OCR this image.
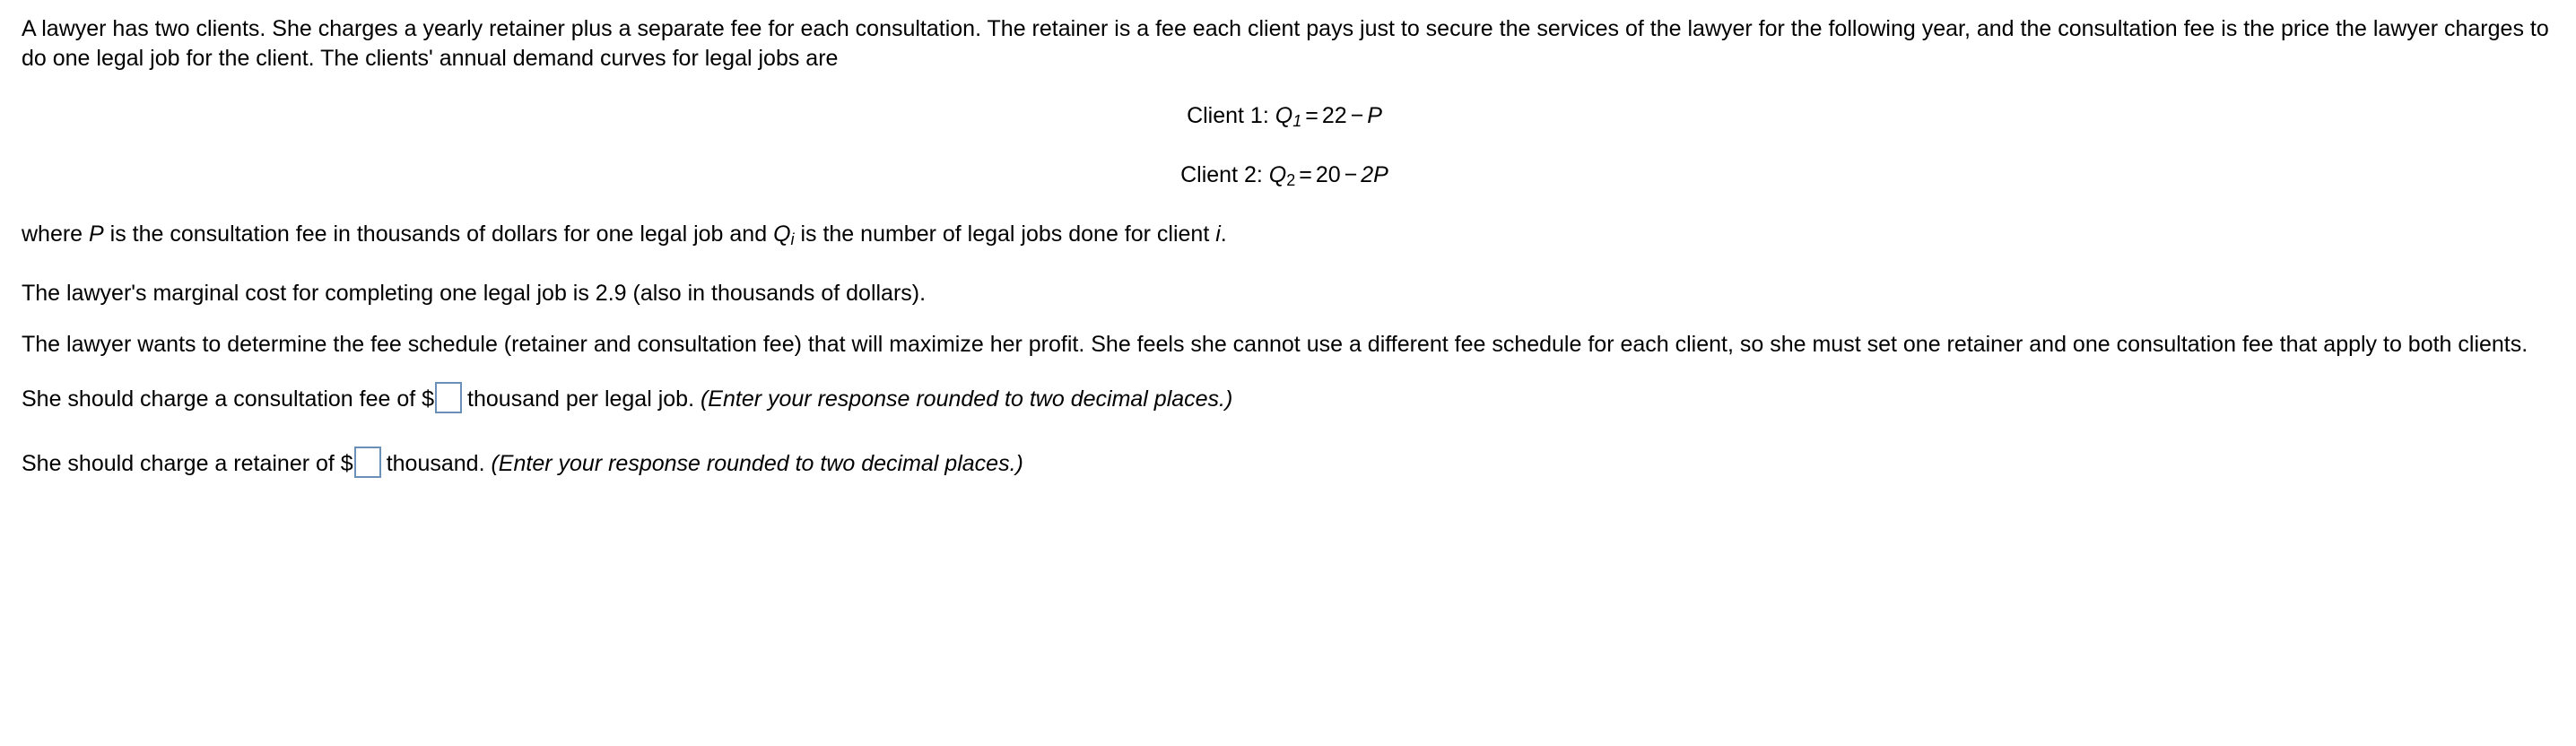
A lawyer has two clients. She charges a yearly retainer plus a separate fee for each consultation. The retainer is a fee each client pays just to secure the services of the lawyer for the following year, and the consultation fee is the price the lawyer charges to do one legal job for the client. The clients' annual demand curves for legal jobs are

Client 1: $Q_1 = 22 - P$

Client 2: $Q_2 = 20 - 2P$

where P is the consultation fee in thousands of dollars for one legal job and $Q_i$ is the number of legal jobs done for client i.

The lawyer's marginal cost for completing one legal job is 2.9 (also in thousands of dollars).

The lawyer wants to determine the fee schedule (retainer and consultation fee) that will maximize her profit. She feels she cannot use a different fee schedule for each client, so she must set one retainer and one consultation fee that apply to both clients.

She should charge a consultation fee of $ thousand per legal job. (Enter your response rounded to two decimal places.)

She should charge a retainer of $ thousand. (Enter your response rounded to two decimal places.)
